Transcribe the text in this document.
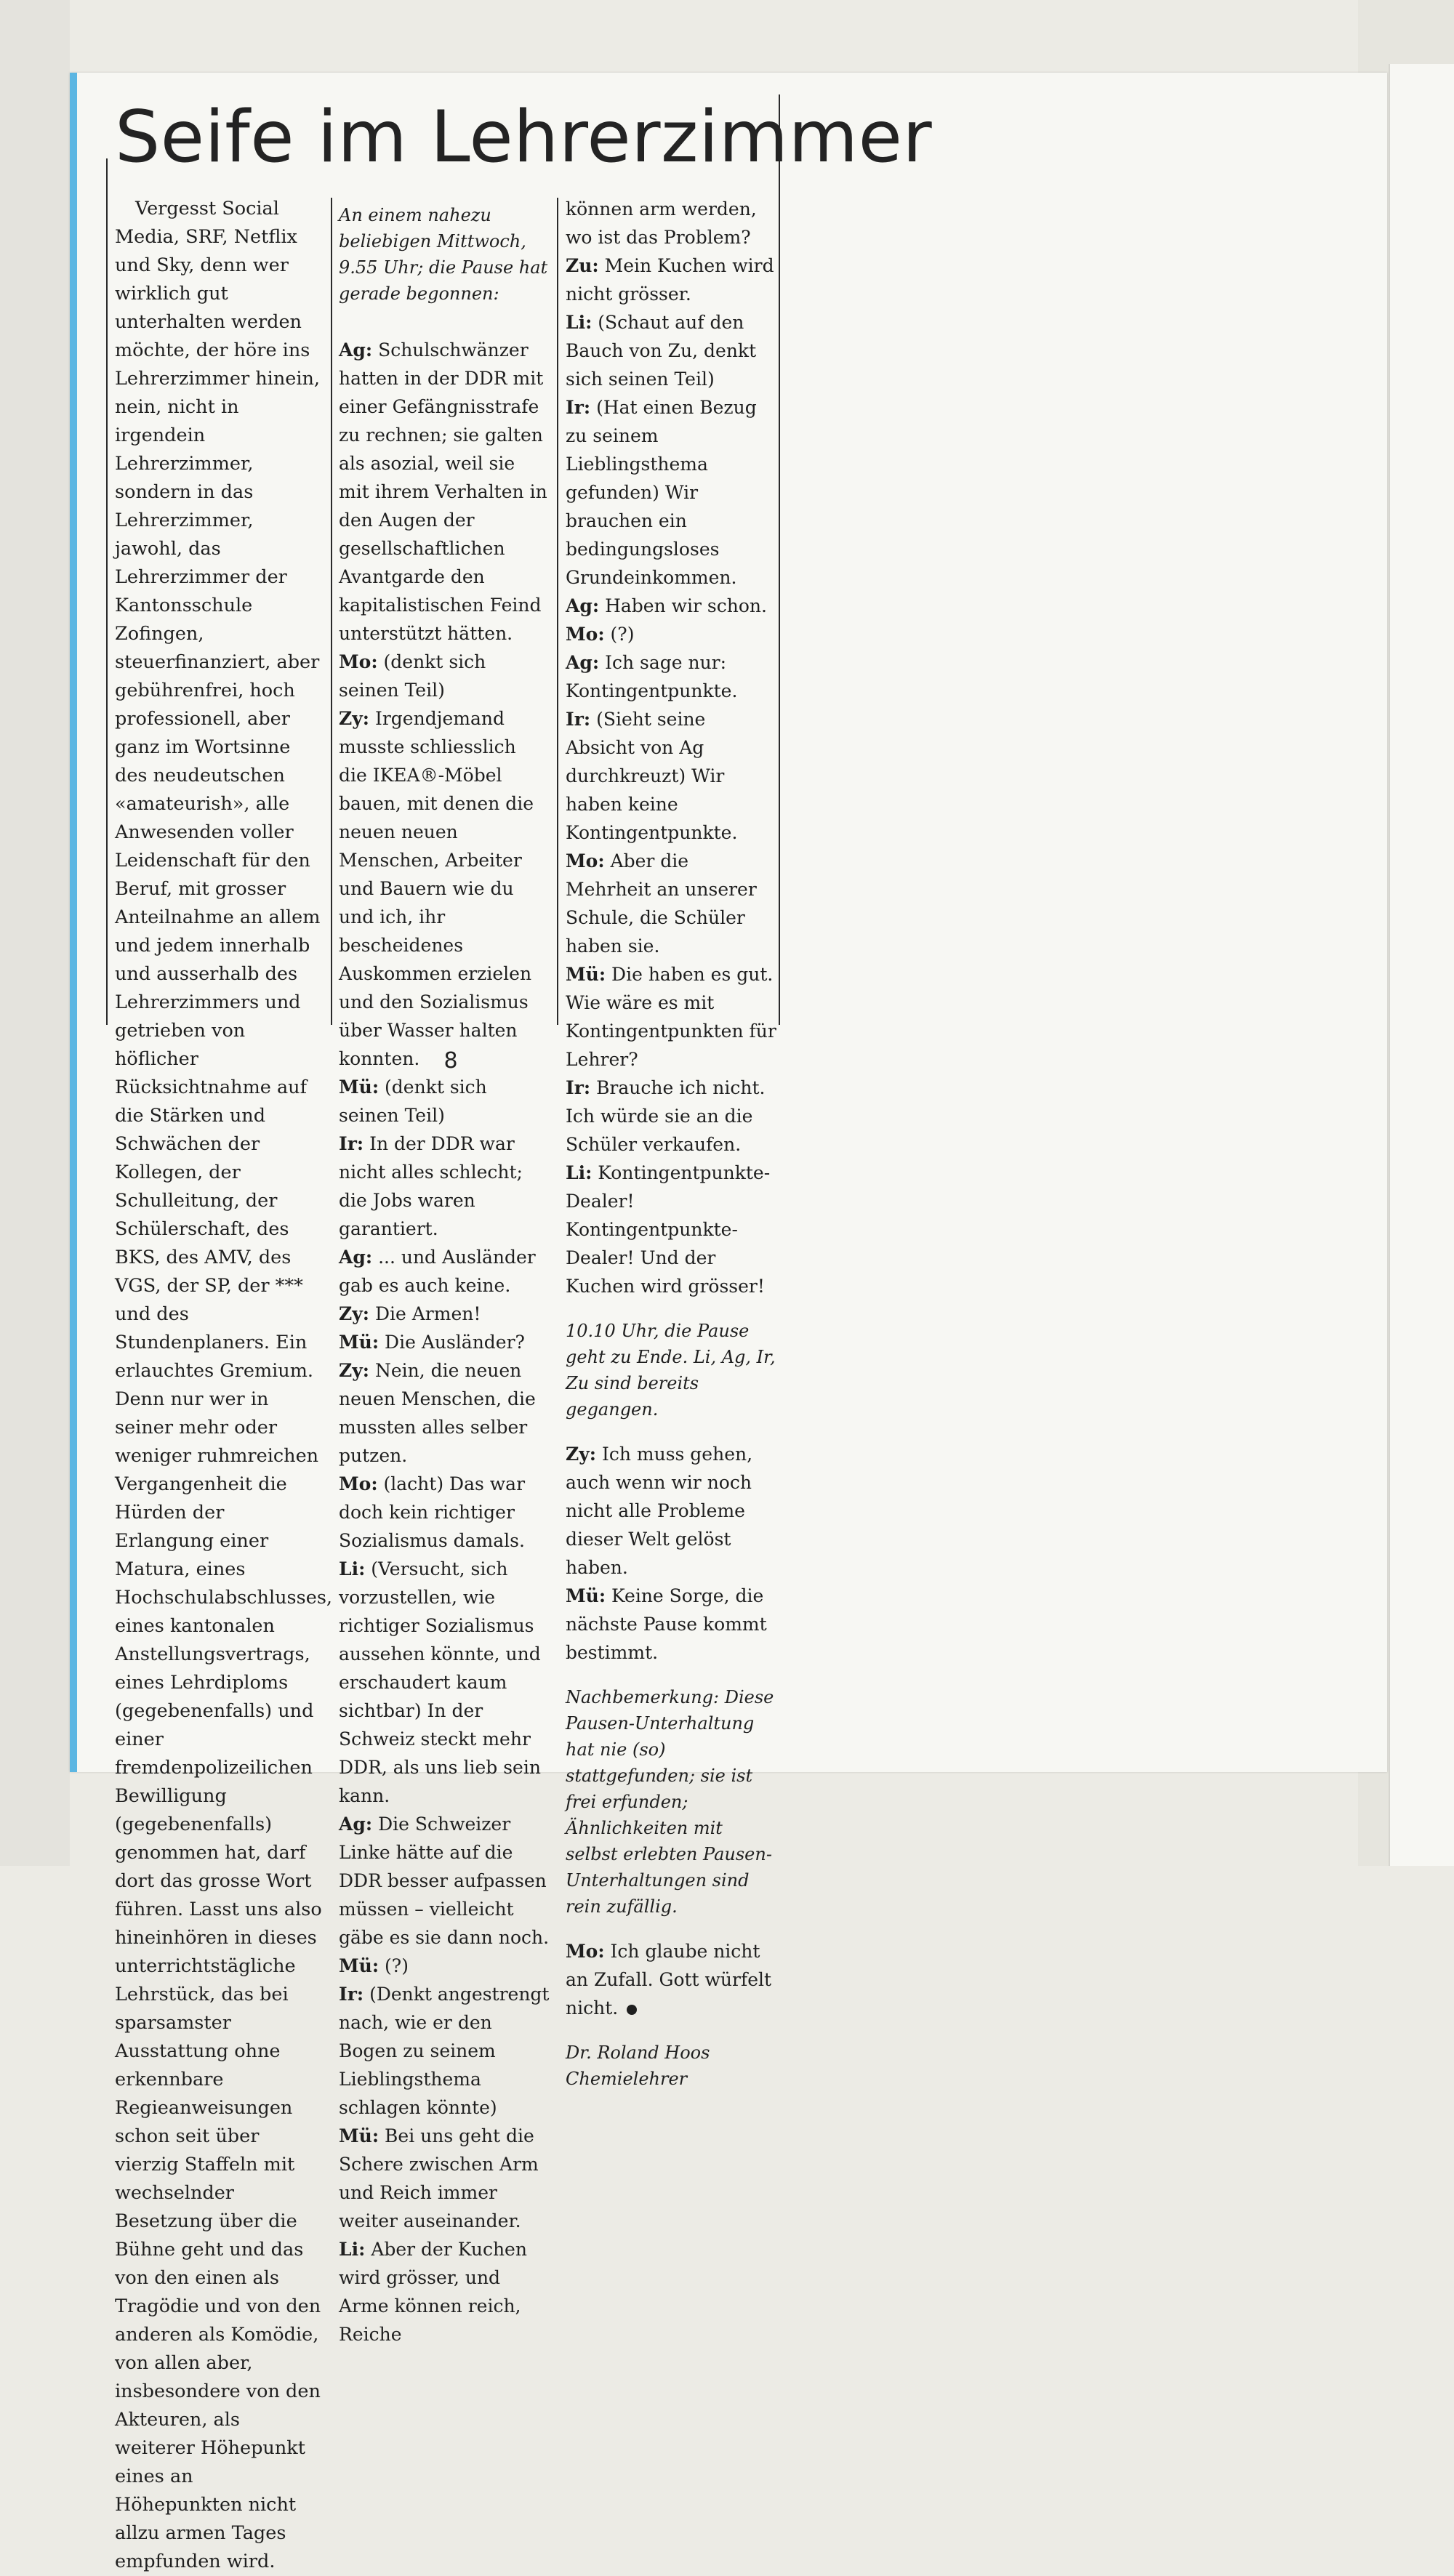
Seife im Lehrerzimmer

Vergesst Social Media, SRF, Netflix und Sky, denn wer wirklich gut unterhalten werden möchte, der höre ins Lehrerzimmer hinein, nein, nicht in irgendein Lehrerzimmer, sondern in das Lehrerzimmer, jawohl, das Lehrerzimmer der Kantonsschule Zofingen, steuerfinanziert, aber gebührenfrei, hoch professionell, aber ganz im Wortsinne des neudeutschen «amateurish», alle Anwesenden voller Leidenschaft für den Beruf, mit grosser Anteilnahme an allem und jedem innerhalb und ausserhalb des Lehrerzimmers und getrieben von höflicher Rücksichtnahme auf die Stärken und Schwächen der Kollegen, der Schulleitung, der Schülerschaft, des BKS, des AMV, des VGS, der SP, der *** und des Stundenplaners. Ein erlauchtes Gremium. Denn nur wer in seiner mehr oder weniger ruhmreichen Vergangenheit die Hürden der Erlangung einer Matura, eines Hochschulabschlusses, eines kantonalen Anstellungsvertrags, eines Lehrdiploms (gegebenenfalls) und einer fremdenpolizeilichen Bewilligung (gegebenenfalls) genommen hat, darf dort das grosse Wort führen. Lasst uns also hineinhören in dieses unterrichtstägliche Lehrstück, das bei sparsamster Ausstattung ohne erkennbare Regieanweisungen schon seit über vierzig Staffeln mit wechselnder Besetzung über die Bühne geht und das von den einen als Tragödie und von den anderen als Komödie, von allen aber, insbesondere von den Akteuren, als weiterer Höhepunkt eines an Höhepunkten nicht allzu armen Tages empfunden wird.

An einem nahezu beliebigen Mittwoch, 9.55 Uhr; die Pause hat gerade begonnen:

Ag: Schulschwänzer hatten in der DDR mit einer Gefängnisstrafe zu rechnen; sie galten als asozial, weil sie mit ihrem Verhalten in den Augen der gesellschaftlichen Avantgarde den kapitalistischen Feind unterstützt hätten.

Mo: (denkt sich seinen Teil)

Zy: Irgendjemand musste schliesslich die IKEA®-Möbel bauen, mit denen die neuen neuen Menschen, Arbeiter und Bauern wie du und ich, ihr bescheidenes Auskommen erzielen und den Sozialismus über Wasser halten konnten.

Mü: (denkt sich seinen Teil)

Ir: In der DDR war nicht alles schlecht; die Jobs waren garantiert.

Ag: ... und Ausländer gab es auch keine.

Zy: Die Armen!

Mü: Die Ausländer?

Zy: Nein, die neuen neuen Menschen, die mussten alles selber putzen.

Mo: (lacht) Das war doch kein richtiger Sozialismus damals.

Li: (Versucht, sich vorzustellen, wie richtiger Sozialismus aussehen könnte, und erschaudert kaum sichtbar) In der Schweiz steckt mehr DDR, als uns lieb sein kann.

Ag: Die Schweizer Linke hätte auf die DDR besser aufpassen müssen – vielleicht gäbe es sie dann noch.

Mü: (?)

Ir: (Denkt angestrengt nach, wie er den Bogen zu seinem Lieblingsthema schlagen könnte)

Mü: Bei uns geht die Schere zwischen Arm und Reich immer weiter auseinander.

Li: Aber der Kuchen wird grösser, und Arme können reich, Reiche

können arm werden, wo ist das Problem?

Zu: Mein Kuchen wird nicht grösser.

Li: (Schaut auf den Bauch von Zu, denkt sich seinen Teil)

Ir: (Hat einen Bezug zu seinem Lieblingsthema gefunden) Wir brauchen ein bedingungsloses Grundeinkommen.

Ag: Haben wir schon.

Mo: (?)

Ag: Ich sage nur: Kontingentpunkte.

Ir: (Sieht seine Absicht von Ag durchkreuzt) Wir haben keine Kontingentpunkte.

Mo: Aber die Mehrheit an unserer Schule, die Schüler haben sie.

Mü: Die haben es gut. Wie wäre es mit Kontingentpunkten für Lehrer?

Ir: Brauche ich nicht. Ich würde sie an die Schüler verkaufen.

Li: Kontingentpunkte-Dealer! Kontingentpunkte-Dealer! Und der Kuchen wird grösser!

10.10 Uhr, die Pause geht zu Ende. Li, Ag, Ir, Zu sind bereits gegangen.

Zy: Ich muss gehen, auch wenn wir noch nicht alle Probleme dieser Welt gelöst haben.

Mü: Keine Sorge, die nächste Pause kommt bestimmt.

Nachbemerkung: Diese Pausen-Unterhaltung hat nie (so) stattgefunden; sie ist frei erfunden; Ähnlichkeiten mit selbst erlebten Pausen-Unterhaltungen sind rein zufällig.

Mo: Ich glaube nicht an Zufall. Gott würfelt nicht.

Dr. Roland Hoos

Chemielehrer

8
